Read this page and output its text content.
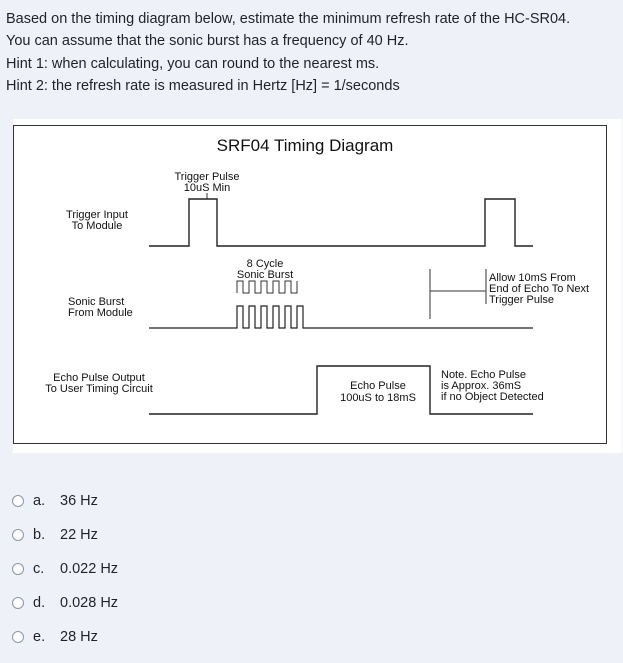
Based on the timing diagram below, estimate the minimum refresh rate of the HC-SR04.

You can assume that the sonic burst has a frequency of 40 Hz.

Hint 1: when calculating, you can round to the nearest ms.

Hint 2: the refresh rate is measured in Hertz [Hz] = 1/seconds

SRF04 Timing Diagram
Trigger Pulse
10uS Min
Trigger Input
To Module
8 Cycle
Sonic Burst	Allow 10mS From
End of Echo To Next
Trigger Pulse
Sonic Burst
From Module
Echo Pulse Output
To User Timing Circuit	Echo Pulse
100uS to 18mS
Note. Echo Pulse
is Approx. 36mS
if no Object Detected
a.	36 Hz
b.	22 Hz
c.	0.022 Hz
d.	0.028 Hz
e.	28 Hz
